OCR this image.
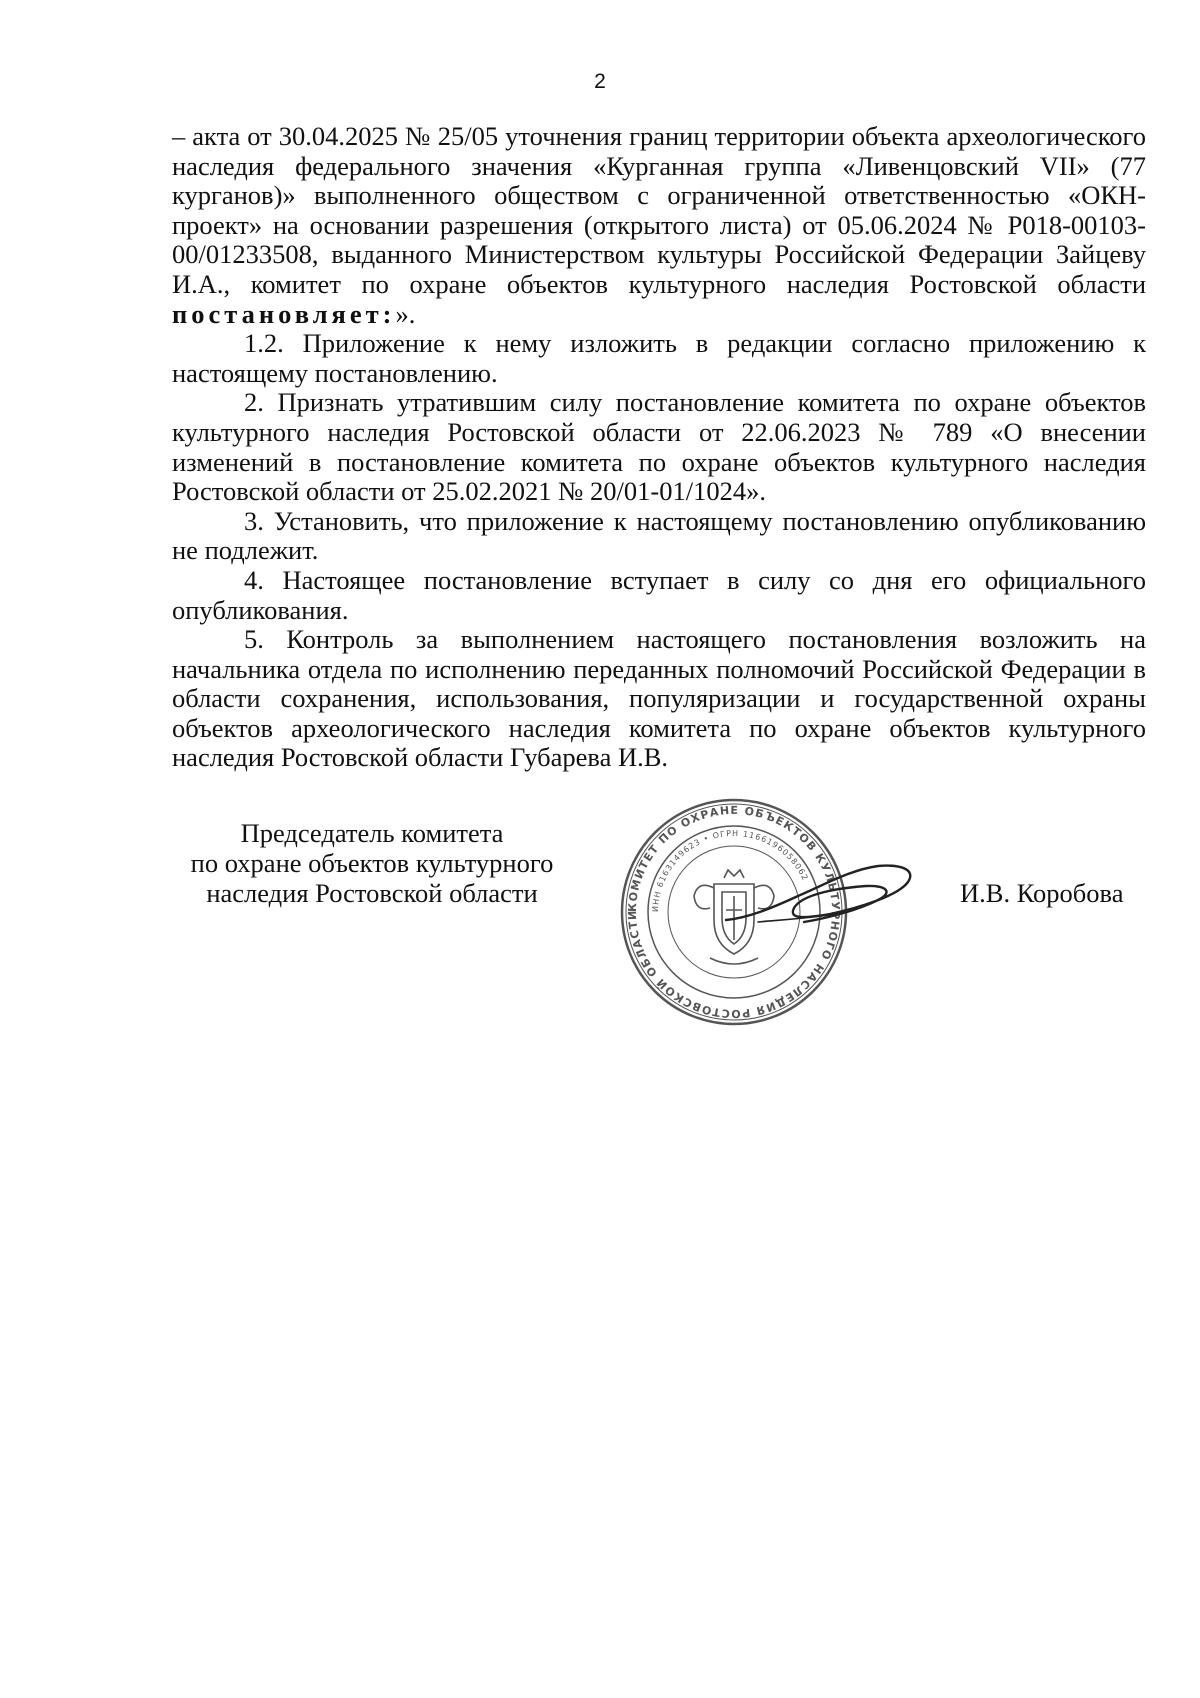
2

– акта от 30.04.2025 № 25/05 уточнения границ территории объекта археологического наследия федерального значения «Курганная группа «Ливенцовский VII» (77 курганов)» выполненного обществом с ограниченной ответственностью «ОКН-проект» на основании разрешения (открытого листа) от 05.06.2024 № Р018-00103-00/01233508, выданного Министерством культуры Российской Федерации Зайцеву И.А., комитет по охране объектов культурного наследия Ростовской области постановляет:».

1.2. Приложение к нему изложить в редакции согласно приложению к настоящему постановлению.

2. Признать утратившим силу постановление комитета по охране объектов культурного наследия Ростовской области от 22.06.2023 № 789 «О внесении изменений в постановление комитета по охране объектов культурного наследия Ростовской области от 25.02.2021 № 20/01-01/1024».

3. Установить, что приложение к настоящему постановлению опубликованию не подлежит.

4. Настоящее постановление вступает в силу со дня его официального опубликования.

5. Контроль за выполнением настоящего постановления возложить на начальника отдела по исполнению переданных полномочий Российской Федерации в области сохранения, использования, популяризации и государственной охраны объектов археологического наследия комитета по охране объектов культурного наследия Ростовской области Губарева И.В.

Председатель комитета
по охране объектов культурного
наследия Ростовской области	КОМИТЕТ ПО ОХРАНЕ ОБЪЕКТОВ КУЛЬТУРНОГО НАСЛЕДИЯ РОСТОВСКОЙ ОБЛАСТИ
ИНН 6163149623 • ОГРН 1166196058062
И.В. Коробова
